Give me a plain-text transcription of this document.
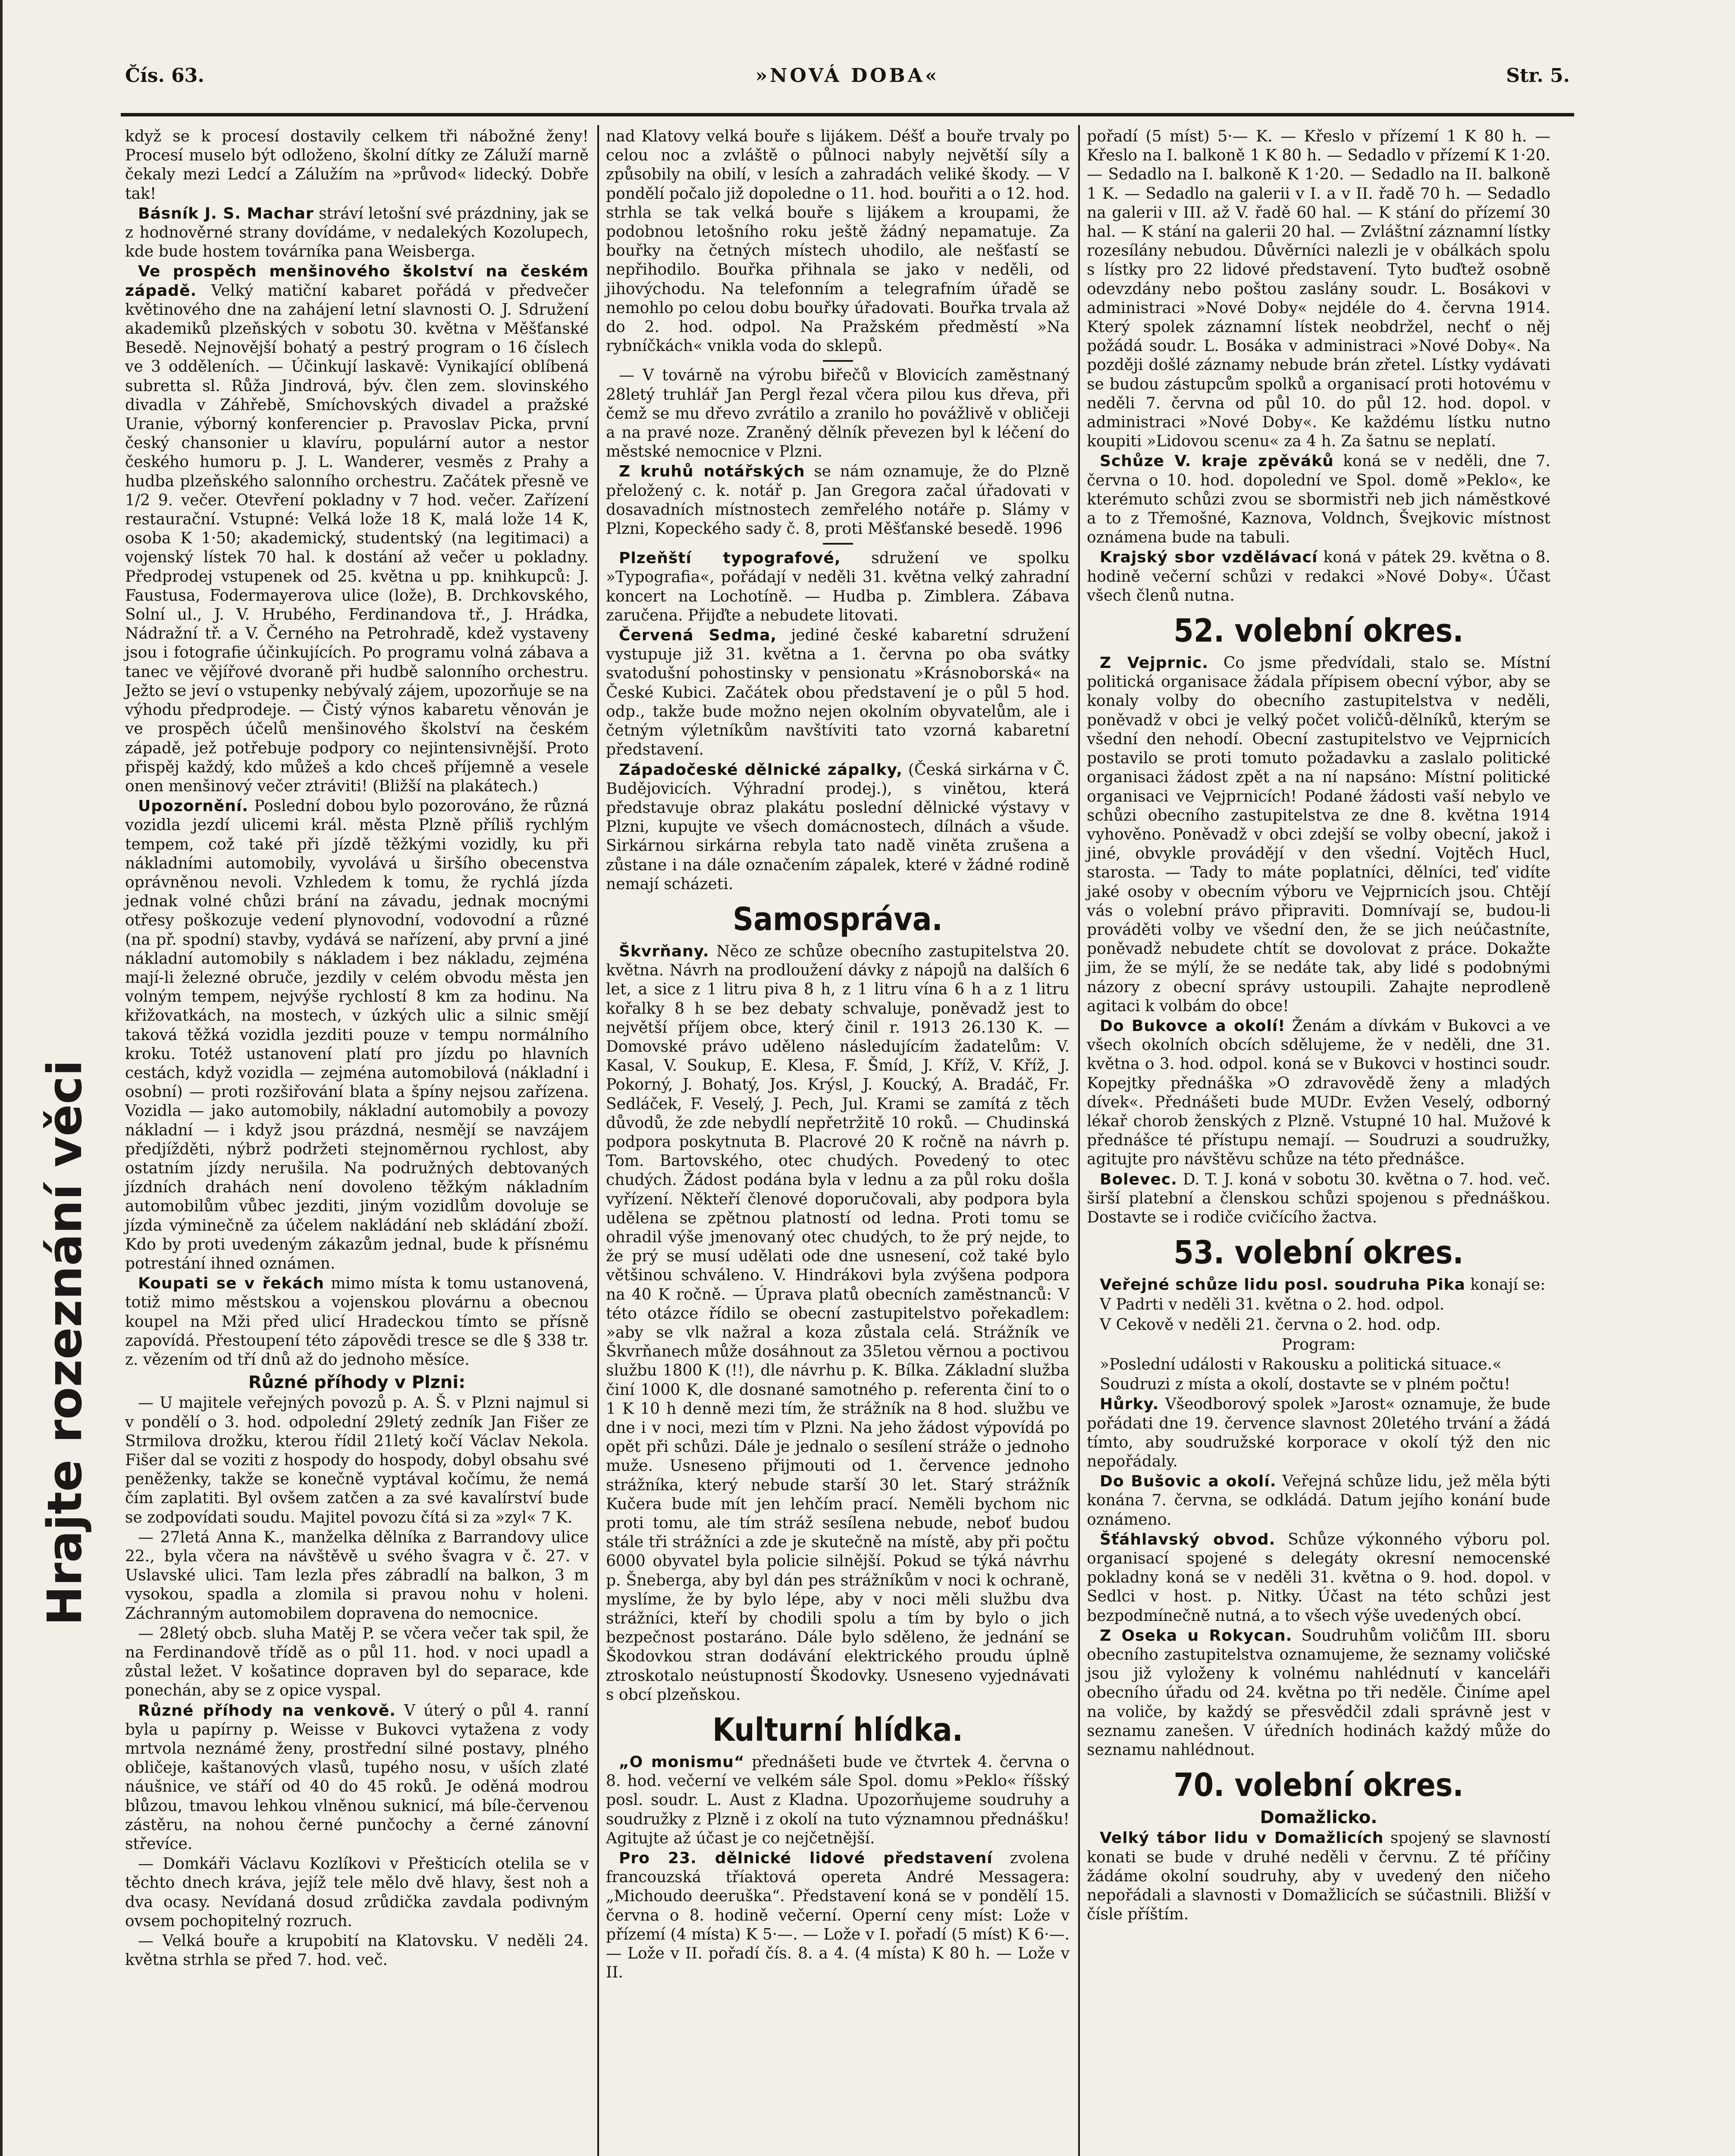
Hrajte rozeznání věci
Čís. 63.	»NOVÁ DOBA«	Str. 5.

když se k procesí dostavily celkem tři nábožné ženy! Procesí muselo být odloženo, školní dítky ze Záluží marně čekaly mezi Ledcí a Zálužím na »průvod« lidecký. Dobře tak!

Básník J. S. Machar stráví letošní své prázdniny, jak se z hodnověrné strany dovídáme, v nedalekých Kozolupech, kde bude hostem továrníka pana Weisberga.

Ve prospěch menšinového školství na českém západě. Velký matiční kabaret pořádá v předvečer květinového dne na zahájení letní slavnosti O. J. Sdružení akademiků plzeňských v sobotu 30. května v Měšťanské Besedě. Nejnovější bohatý a pestrý program o 16 číslech ve 3 odděleních. — Účinkují laskavě: Vynikající oblíbená subretta sl. Růža Jindrová, býv. člen zem. slovinského divadla v Záhřebě, Smíchovských divadel a pražské Uranie, výborný konferencier p. Pravoslav Picka, první český chansonier u klavíru, populární autor a nestor českého humoru p. J. L. Wanderer, vesměs z Prahy a hudba plzeňského salonního orchestru. Začátek přesně ve 1/2 9. večer. Otevření pokladny v 7 hod. večer. Zařízení restaurační. Vstupné: Velká lože 18 K, malá lože 14 K, osoba K 1·50; akademický, studentský (na legitimaci) a vojenský lístek 70 hal. k dostání až večer u pokladny. Předprodej vstupenek od 25. května u pp. knihkupců: J. Faustusa, Fodermayerova ulice (lože), B. Drchkovského, Solní ul., J. V. Hrubého, Ferdinandova tř., J. Hrádka, Nádražní tř. a V. Černého na Petrohradě, kdež vystaveny jsou i fotografie účinkujících. Po programu volná zábava a tanec ve vějířové dvoraně při hudbě salonního orchestru. Ježto se jeví o vstupenky nebývalý zájem, upozorňuje se na výhodu předprodeje. — Čistý výnos kabaretu věnován je ve prospěch účelů menšinového školství na českém západě, jež potřebuje podpory co nejintensivnější. Proto přispěj každý, kdo můžeš a kdo chceš příjemně a vesele onen menšinový večer ztráviti! (Bližší na plakátech.)

Upozornění. Poslední dobou bylo pozorováno, že různá vozidla jezdí ulicemi král. města Plzně příliš rychlým tempem, což také při jízdě těžkými vozidly, ku při nákladními automobily, vyvolává u širšího obecenstva oprávněnou nevoli. Vzhledem k tomu, že rychlá jízda jednak volné chůzi brání na závadu, jednak mocnými otřesy poškozuje vedení plynovodní, vodovodní a různé (na př. spodní) stavby, vydává se nařízení, aby první a jiné nákladní automobily s nákladem i bez nákladu, zejména mají-li železné obruče, jezdily v celém obvodu města jen volným tempem, nejvýše rychlostí 8 km za hodinu. Na křižovatkách, na mostech, v úzkých ulic a silnic smějí taková těžká vozidla jezditi pouze v tempu normálního kroku. Totéž ustanovení platí pro jízdu po hlavních cestách, když vozidla — zejména automobilová (nákladní i osobní) — proti rozšiřování blata a špíny nejsou zařízena. Vozidla — jako automobily, nákladní automobily a povozy nákladní — i když jsou prázdná, nesmějí se navzájem předjížděti, nýbrž podržeti stejnoměrnou rychlost, aby ostatním jízdy nerušila. Na podružných debtovaných jízdních drahách není dovoleno těžkým nákladním automobilům vůbec jezditi, jiným vozidlům dovoluje se jízda výminečně za účelem nakládání neb skládání zboží. Kdo by proti uvedeným zákazům jednal, bude k přísnému potrestání ihned oznámen.

Koupati se v řekách mimo místa k tomu ustanovená, totiž mimo městskou a vojenskou plovárnu a obecnou koupel na Mži před ulicí Hradeckou tímto se přísně zapovídá. Přestoupení této zápovědi tresce se dle § 338 tr. z. vězením od tří dnů až do jednoho měsíce.

Různé příhody v Plzni:

— U majitele veřejných povozů p. A. Š. v Plzni najmul si v pondělí o 3. hod. odpolední 29letý zedník Jan Fišer ze Strmilova drožku, kterou řídil 21letý kočí Václav Nekola. Fišer dal se voziti z hospody do hospody, dobyl obsahu své peněženky, takže se konečně vyptával kočímu, že nemá čím zaplatiti. Byl ovšem zatčen a za své kavalírství bude se zodpovídati soudu. Majitel povozu čítá si za »zyl« 7 K.

— 27letá Anna K., manželka dělníka z Barrandovy ulice 22., byla včera na návštěvě u svého švagra v č. 27. v Uslavské ulici. Tam lezla přes zábradlí na balkon, 3 m vysokou, spadla a zlomila si pravou nohu v holeni. Záchranným automobilem dopravena do nemocnice.

— 28letý obcb. sluha Matěj P. se včera večer tak spil, že na Ferdinandově třídě as o půl 11. hod. v noci upadl a zůstal ležet. V košatince dopraven byl do separace, kde ponechán, aby se z opice vyspal.

Různé příhody na venkově. V úterý o půl 4. ranní byla u papírny p. Weisse v Bukovci vytažena z vody mrtvola neznámé ženy, prostřední silné postavy, plného obličeje, kaštanových vlasů, tupého nosu, v uších zlaté náušnice, ve stáří od 40 do 45 roků. Je oděná modrou blůzou, tmavou lehkou vlněnou suknicí, má bíle-červenou zástěru, na nohou černé punčochy a černé zánovní střevíce.

— Domkáři Václavu Kozlíkovi v Přešticích otelila se v těchto dnech kráva, jejíž tele mělo dvě hlavy, šest noh a dva ocasy. Nevídaná dosud zrůdička zavdala podivným ovsem pochopitelný rozruch.

— Velká bouře a krupobití na Klatovsku. V neděli 24. května strhla se před 7. hod. več.

nad Klatovy velká bouře s lijákem. Déšť a bouře trvaly po celou noc a zvláště o půlnoci nabyly největší síly a způsobily na obilí, v lesích a zahradách veliké škody. — V pondělí počalo již dopoledne o 11. hod. bouřiti a o 12. hod. strhla se tak velká bouře s lijákem a kroupami, že podobnou letošního roku ještě žádný nepamatuje. Za bouřky na četných místech uhodilo, ale nešťastí se nepřihodilo. Bouřka přihnala se jako v neděli, od jihovýchodu. Na telefonním a telegrafním úřadě se nemohlo po celou dobu bouřky úřadovati. Bouřka trvala až do 2. hod. odpol. Na Pražském předměstí »Na rybníčkách« vnikla voda do sklepů.

— V továrně na výrobu biřečů v Blovicích zaměstnaný 28letý truhlář Jan Pergl řezal včera pilou kus dřeva, při čemž se mu dřevo zvrátilo a zranilo ho povážlivě v obličeji a na pravé noze. Zraněný dělník převezen byl k léčení do městské nemocnice v Plzni.

Z kruhů notářských se nám oznamuje, že do Plzně přeložený c. k. notář p. Jan Gregora začal úřadovati v dosavadních místnostech zemřelého notáře p. Slámy v Plzni, Kopeckého sady č. 8, proti Měšťanské besedě. 1996

Plzeňští typografové, sdružení ve spolku »Typografia«, pořádají v neděli 31. května velký zahradní koncert na Lochotíně. — Hudba p. Zimblera. Zábava zaručena. Přijďte a nebudete litovati.

Červená Sedma, jediné české kabaretní sdružení vystupuje již 31. května a 1. června po oba svátky svatodušní pohostinsky v pensionatu »Krásnoborská« na České Kubici. Začátek obou představení je o půl 5 hod. odp., takže bude možno nejen okolním obyvatelům, ale i četným výletníkům navštíviti tato vzorná kabaretní představení.

Západočeské dělnické zápalky, (Česká sirkárna v Č. Budějovicích. Výhradní prodej.), s vinětou, která představuje obraz plakátu poslední dělnické výstavy v Plzni, kupujte ve všech domácnostech, dílnách a všude. Sirkárnou sirkárna rebyla tato nadě viněta zrušena a zůstane i na dále označením zápalek, které v žádné rodině nemají scházeti.

Samospráva.

Škvrňany. Něco ze schůze obecního zastupitelstva 20. května. Návrh na prodloužení dávky z nápojů na dalších 6 let, a sice z 1 litru piva 8 h, z 1 litru vína 6 h a z 1 litru kořalky 8 h se bez debaty schvaluje, poněvadž jest to největší příjem obce, který činil r. 1913 26.130 K. — Domovské právo uděleno následujícím žadatelům: V. Kasal, V. Soukup, E. Klesa, F. Šmíd, J. Kříž, V. Kříž, J. Pokorný, J. Bohatý, Jos. Krýsl, J. Koucký, A. Bradáč, Fr. Sedláček, F. Veselý, J. Pech, Jul. Krami se zamítá z těch důvodů, že zde nebydlí nepřetržitě 10 roků. — Chudinská podpora poskytnuta B. Placrové 20 K ročně na návrh p. Tom. Bartovského, otec chudých. Povedený to otec chudých. Žádost podána byla v lednu a za půl roku došla vyřízení. Někteří členové doporučovali, aby podpora byla udělena se zpětnou platností od ledna. Proti tomu se ohradil výše jmenovaný otec chudých, to že prý nejde, to že prý se musí udělati ode dne usnesení, což také bylo většinou schváleno. V. Hindrákovi byla zvýšena podpora na 40 K ročně. — Úprava platů obecních zaměstnanců: V této otázce řídilo se obecní zastupitelstvo pořekadlem: »aby se vlk nažral a koza zůstala celá. Strážník ve Škvrňanech může dosáhnout za 35letou věrnou a poctivou službu 1800 K (!!), dle návrhu p. K. Bílka. Základní služba činí 1000 K, dle dosnané samotného p. referenta činí to o 1 K 10 h denně mezi tím, že strážník na 8 hod. službu ve dne i v noci, mezi tím v Plzni. Na jeho žádost výpovídá po opět při schůzi. Dále je jednalo o sesílení stráže o jednoho muže. Usneseno přijmouti od 1. července jednoho strážníka, který nebude starší 30 let. Starý strážník Kučera bude mít jen lehčím prací. Neměli bychom nic proti tomu, ale tím stráž sesílena nebude, neboť budou stále tři strážníci a zde je skutečně na místě, aby při počtu 6000 obyvatel byla policie silnější. Pokud se týká návrhu p. Šneberga, aby byl dán pes strážníkům v noci k ochraně, myslíme, že by bylo lépe, aby v noci měli službu dva strážníci, kteří by chodili spolu a tím by bylo o jich bezpečnost postaráno. Dále bylo sděleno, že jednání se Škodovkou stran dodávání elektrického proudu úplně ztroskotalo neústupností Škodovky. Usneseno vyjednávati s obcí plzeňskou.

Kulturní hlídka.

„O monismu“ přednášeti bude ve čtvrtek 4. června o 8. hod. večerní ve velkém sále Spol. domu »Peklo« říšský posl. soudr. L. Aust z Kladna. Upozorňujeme soudruhy a soudružky z Plzně i z okolí na tuto významnou přednášku! Agitujte až účast je co nejčetnější.

Pro 23. dělnické lidové představení zvolena francouzská tříaktová opereta André Messagera: „Michoudo deeruška“. Představení koná se v pondělí 15. června o 8. hodině večerní. Operní ceny míst: Lože v přízemí (4 místa) K 5·—. — Lože v I. pořadí (5 míst) K 6·—. — Lože v II. pořadí čís. 8. a 4. (4 místa) K 80 h. — Lože v II.

pořadí (5 míst) 5·— K. — Křeslo v přízemí 1 K 80 h. — Křeslo na I. balkoně 1 K 80 h. — Sedadlo v přízemí K 1·20. — Sedadlo na I. balkoně K 1·20. — Sedadlo na II. balkoně 1 K. — Sedadlo na galerii v I. a v II. řadě 70 h. — Sedadlo na galerii v III. až V. řadě 60 hal. — K stání do přízemí 30 hal. — K stání na galerii 20 hal. — Zvláštní záznamní lístky rozesílány nebudou. Důvěrníci nalezli je v obálkách spolu s lístky pro 22 lidové představení. Tyto buďtež osobně odevzdány nebo poštou zaslány soudr. L. Bosákovi v administraci »Nové Doby« nejdéle do 4. června 1914. Který spolek záznamní lístek neobdržel, nechť o něj požádá soudr. L. Bosáka v administraci »Nové Doby«. Na později došlé záznamy nebude brán zřetel. Lístky vydávati se budou zástupcům spolků a organisací proti hotovému v neděli 7. června od půl 10. do půl 12. hod. dopol. v administraci »Nové Doby«. Ke každému lístku nutno koupiti »Lidovou scenu« za 4 h. Za šatnu se neplatí.

Schůze V. kraje zpěváků koná se v neděli, dne 7. června o 10. hod. dopolední ve Spol. domě »Peklo«, ke kterémuto schůzi zvou se sbormistři neb jich náměstkové a to z Třemošné, Kaznova, Voldnch, Švejkovic místnost oznámena bude na tabuli.

Krajský sbor vzdělávací koná v pátek 29. května o 8. hodině večerní schůzi v redakci »Nové Doby«. Účast všech členů nutna.

52. volební okres.

Z Vejprnic. Co jsme předvídali, stalo se. Místní politická organisace žádala přípisem obecní výbor, aby se konaly volby do obecního zastupitelstva v neděli, poněvadž v obci je velký počet voličů-dělníků, kterým se všední den nehodí. Obecní zastupitelstvo ve Vejprnicích postavilo se proti tomuto požadavku a zaslalo politické organisaci žádost zpět a na ní napsáno: Místní politické organisaci ve Vejprnicích! Podané žádosti vaší nebylo ve schůzi obecního zastupitelstva ze dne 8. května 1914 vyhověno. Poněvadž v obci zdejší se volby obecní, jakož i jiné, obvykle provádějí v den všední. Vojtěch Hucl, starosta. — Tady to máte poplatníci, dělníci, teď vidíte jaké osoby v obecním výboru ve Vejprnicích jsou. Chtějí vás o volební právo připraviti. Domnívají se, budou-li prováděti volby ve všední den, že se jich neúčastníte, poněvadž nebudete chtít se dovolovat z práce. Dokažte jim, že se mýlí, že se nedáte tak, aby lidé s podobnými názory z obecní správy ustoupili. Zahajte neprodleně agitaci k volbám do obce!

Do Bukovce a okolí! Ženám a dívkám v Bukovci a ve všech okolních obcích sdělujeme, že v neděli, dne 31. května o 3. hod. odpol. koná se v Bukovci v hostinci soudr. Kopejtky přednáška »O zdravovědě ženy a mladých dívek«. Přednášeti bude MUDr. Evžen Veselý, odborný lékař chorob ženských z Plzně. Vstupné 10 hal. Mužové k přednášce té přístupu nemají. — Soudruzi a soudružky, agitujte pro návštěvu schůze na této přednášce.

Bolevec. D. T. J. koná v sobotu 30. května o 7. hod. več. širší platební a členskou schůzi spojenou s přednáškou. Dostavte se i rodiče cvičícího žactva.

53. volební okres.

Veřejné schůze lidu posl. soudruha Pika konají se:

V Padrti v neděli 31. května o 2. hod. odpol.

V Cekově v neděli 21. června o 2. hod. odp.

Program:

»Poslední události v Rakousku a politická situace.«

Soudruzi z místa a okolí, dostavte se v plném počtu!

Hůrky. Všeodborový spolek »Jarost« oznamuje, že bude pořádati dne 19. července slavnost 20letého trvání a žádá tímto, aby soudružské korporace v okolí týž den nic nepořádaly.

Do Bušovic a okolí. Veřejná schůze lidu, jež měla býti konána 7. června, se odkládá. Datum jejího konání bude oznámeno.

Šťáhlavský obvod. Schůze výkonného výboru pol. organisací spojené s delegáty okresní nemocenské pokladny koná se v neděli 31. května o 9. hod. dopol. v Sedlci v host. p. Nitky. Účast na této schůzi jest bezpodmínečně nutná, a to všech výše uvedených obcí.

Z Oseka u Rokycan. Soudruhům voličům III. sboru obecního zastupitelstva oznamujeme, že seznamy voličské jsou již vyloženy k volnému nahlédnutí v kanceláři obecního úřadu od 24. května po tři neděle. Činíme apel na voliče, by každý se přesvědčil zdali správně jest v seznamu zanešen. V úředních hodinách každý může do seznamu nahlédnout.

70. volební okres.
Domažlicko.

Velký tábor lidu v Domažlicích spojený se slavností konati se bude v druhé neděli v červnu. Z té příčiny žádáme okolní soudruhy, aby v uvedený den ničeho nepořádali a slavnosti v Domažlicích se súčastnili. Bližší v čísle příštím.
